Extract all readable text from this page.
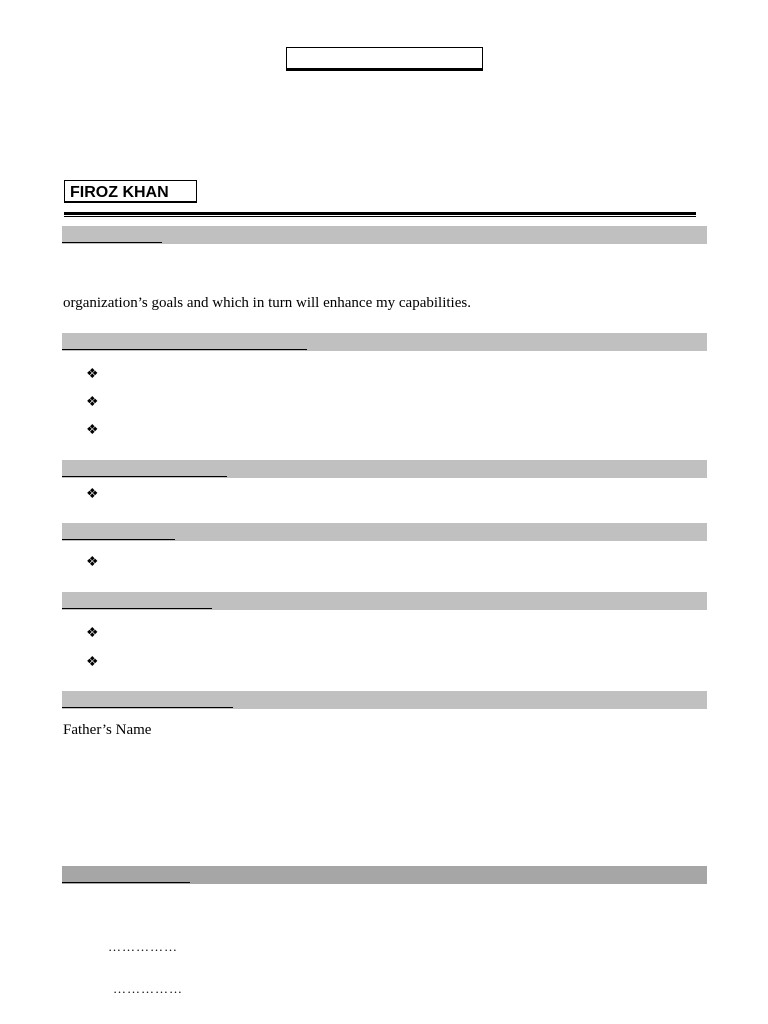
FIROZ KHAN
organization’s goals and which in turn will enhance my capabilities.
❖
❖
❖
❖
❖
❖
❖
Father’s Name
……………
……………
